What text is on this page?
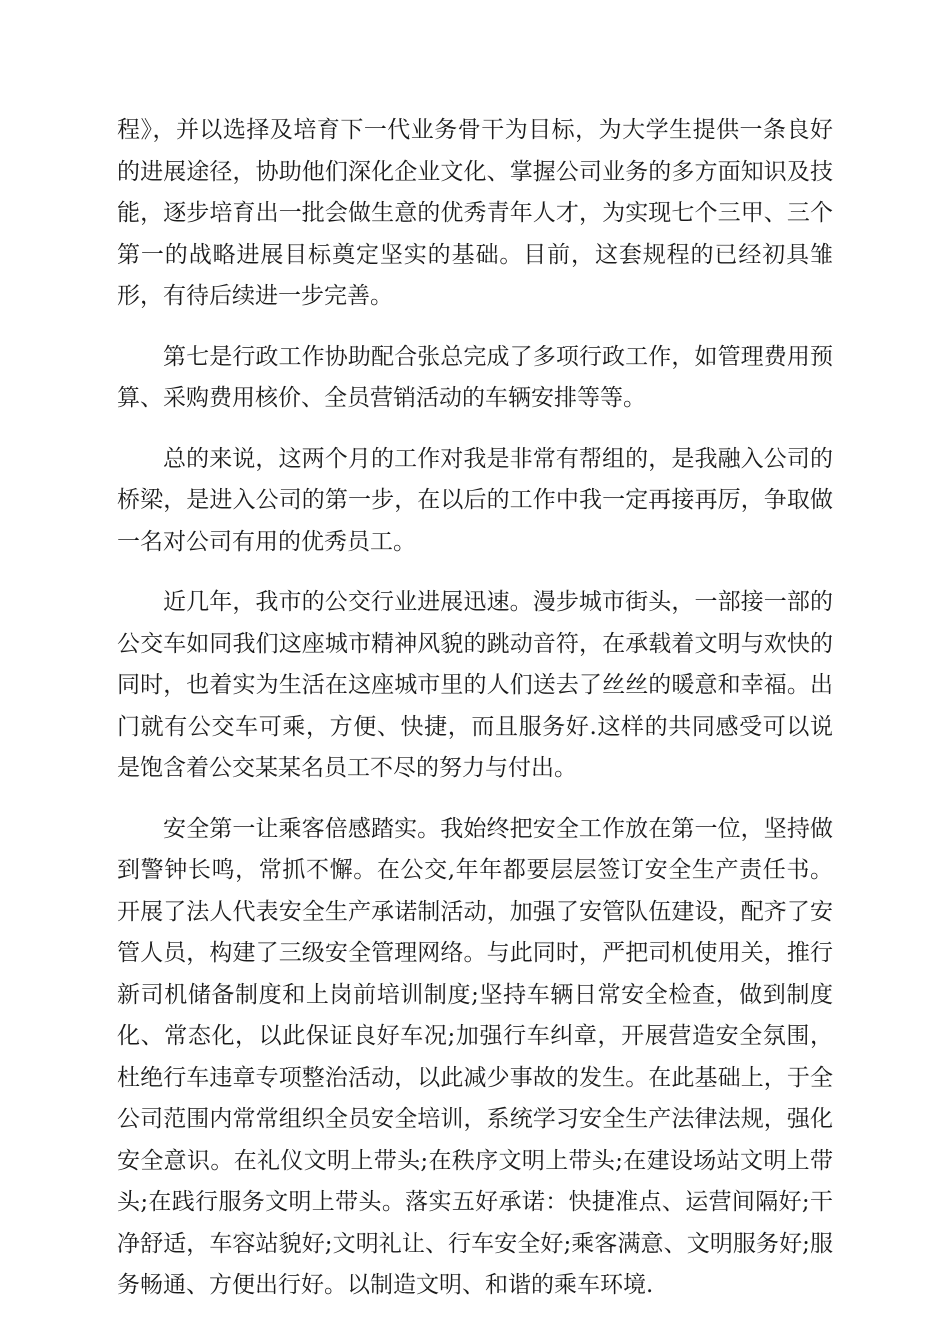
程》，并以选择及培育下一代业务骨干为目标，为大学生提供一条良好的进展途径，协助他们深化企业文化、掌握公司业务的多方面知识及技能，逐步培育出一批会做生意的优秀青年人才，为实现七个三甲、三个第一的战略进展目标奠定坚实的基础。目前，这套规程的已经初具雏形，有待后续进一步完善。

第七是行政工作协助配合张总完成了多项行政工作，如管理费用预算、采购费用核价、全员营销活动的车辆安排等等。

总的来说，这两个月的工作对我是非常有帮组的，是我融入公司的桥梁，是进入公司的第一步，在以后的工作中我一定再接再厉，争取做一名对公司有用的优秀员工。

近几年，我市的公交行业进展迅速。漫步城市街头，一部接一部的公交车如同我们这座城市精神风貌的跳动音符，在承载着文明与欢快的同时，也着实为生活在这座城市里的人们送去了丝丝的暖意和幸福。出门就有公交车可乘，方便、快捷，而且服务好.这样的共同感受可以说是饱含着公交某某名员工不尽的努力与付出。

安全第一让乘客倍感踏实。我始终把安全工作放在第一位，坚持做到警钟长鸣，常抓不懈。在公交,年年都要层层签订安全生产责任书。开展了法人代表安全生产承诺制活动，加强了安管队伍建设，配齐了安管人员，构建了三级安全管理网络。与此同时，严把司机使用关，推行新司机储备制度和上岗前培训制度;坚持车辆日常安全检查，做到制度化、常态化，以此保证良好车况;加强行车纠章，开展营造安全氛围，杜绝行车违章专项整治活动，以此减少事故的发生。在此基础上，于全公司范围内常常组织全员安全培训，系统学习安全生产法律法规，强化安全意识。在礼仪文明上带头;在秩序文明上带头;在建设场站文明上带头;在践行服务文明上带头。落实五好承诺：快捷准点、运营间隔好;干净舒适，车容站貌好;文明礼让、行车安全好;乘客满意、文明服务好;服务畅通、方便出行好。以制造文明、和谐的乘车环境.
